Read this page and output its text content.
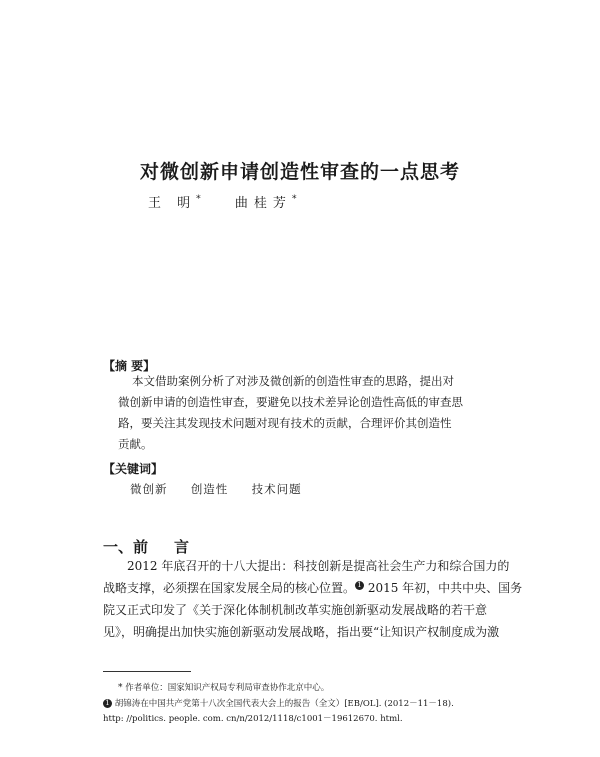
对微创新申请创造性审查的一点思考
王 明*	曲桂芳*
【摘 要】
本文借助案例分析了对涉及微创新的创造性审查的思路，提出对
微创新申请的创造性审查，要避免以技术差异论创造性高低的审查思
路，要关注其发现技术问题对现有技术的贡献，合理评价其创造性
贡献。
【关键词】
微创新 创造性 技术问题
一、前 言
2012 年底召开的十八大提出：科技创新是提高社会生产力和综合国力的
战略支撑，必须摆在国家发展全局的核心位置。 1 2015 年初，中共中央、国务
院又正式印发了《关于深化体制机制改革实施创新驱动发展战略的若干意
见》，明确提出加快实施创新驱动发展战略，指出要“让知识产权制度成为激
* 作者单位：国家知识产权局专利局审查协作北京中心。
1 胡锦涛在中国共产党第十八次全国代表大会上的报告（全文）[EB/OL]. (2012－11－18).
http: //politics. people. com. cn/n/2012/1118/c1001－19612670. html.
